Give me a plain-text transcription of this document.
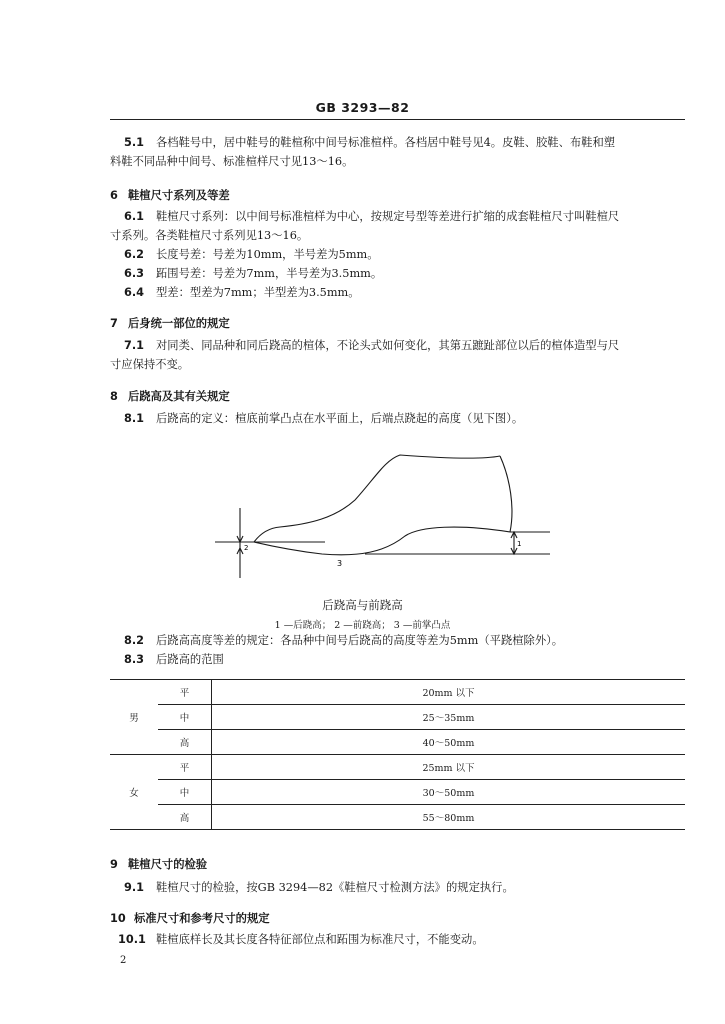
GB 3293—82
5.1 各档鞋号中，居中鞋号的鞋楦称中间号标准楦样。各档居中鞋号见4。皮鞋、胶鞋、布鞋和塑
料鞋不同品种中间号、标准楦样尺寸见13～16。
6 鞋楦尺寸系列及等差
6.1 鞋楦尺寸系列：以中间号标准楦样为中心，按规定号型等差进行扩缩的成套鞋楦尺寸叫鞋楦尺
寸系列。各类鞋楦尺寸系列见13～16。
6.2 长度号差：号差为10mm，半号差为5mm。
6.3 跖围号差：号差为7mm，半号差为3.5mm。
6.4 型差：型差为7mm；半型差为3.5mm。
7 后身统一部位的规定
7.1 对同类、同品种和同后跷高的楦体，不论头式如何变化，其第五蹠趾部位以后的楦体造型与尺
寸应保持不变。
8 后跷高及其有关规定
8.1 后跷高的定义：楦底前掌凸点在水平面上，后端点跷起的高度（见下图）。
2	1
3
后跷高与前跷高
1 —后跷高； 2 —前跷高； 3 —前掌凸点
8.2 后跷高高度等差的规定：各品种中间号后跷高的高度等差为5mm（平跷楦除外）。
8.3 后跷高的范围
男	平	20mm 以下
	中	25～35mm
	高	40～50mm
女	平	25mm 以下
	中	30～50mm
	高	55～80mm
9 鞋楦尺寸的检验
9.1 鞋楦尺寸的检验，按GB 3294—82《鞋楦尺寸检测方法》的规定执行。
10 标准尺寸和参考尺寸的规定
10.1 鞋楦底样长及其长度各特征部位点和跖围为标准尺寸，不能变动。
2
